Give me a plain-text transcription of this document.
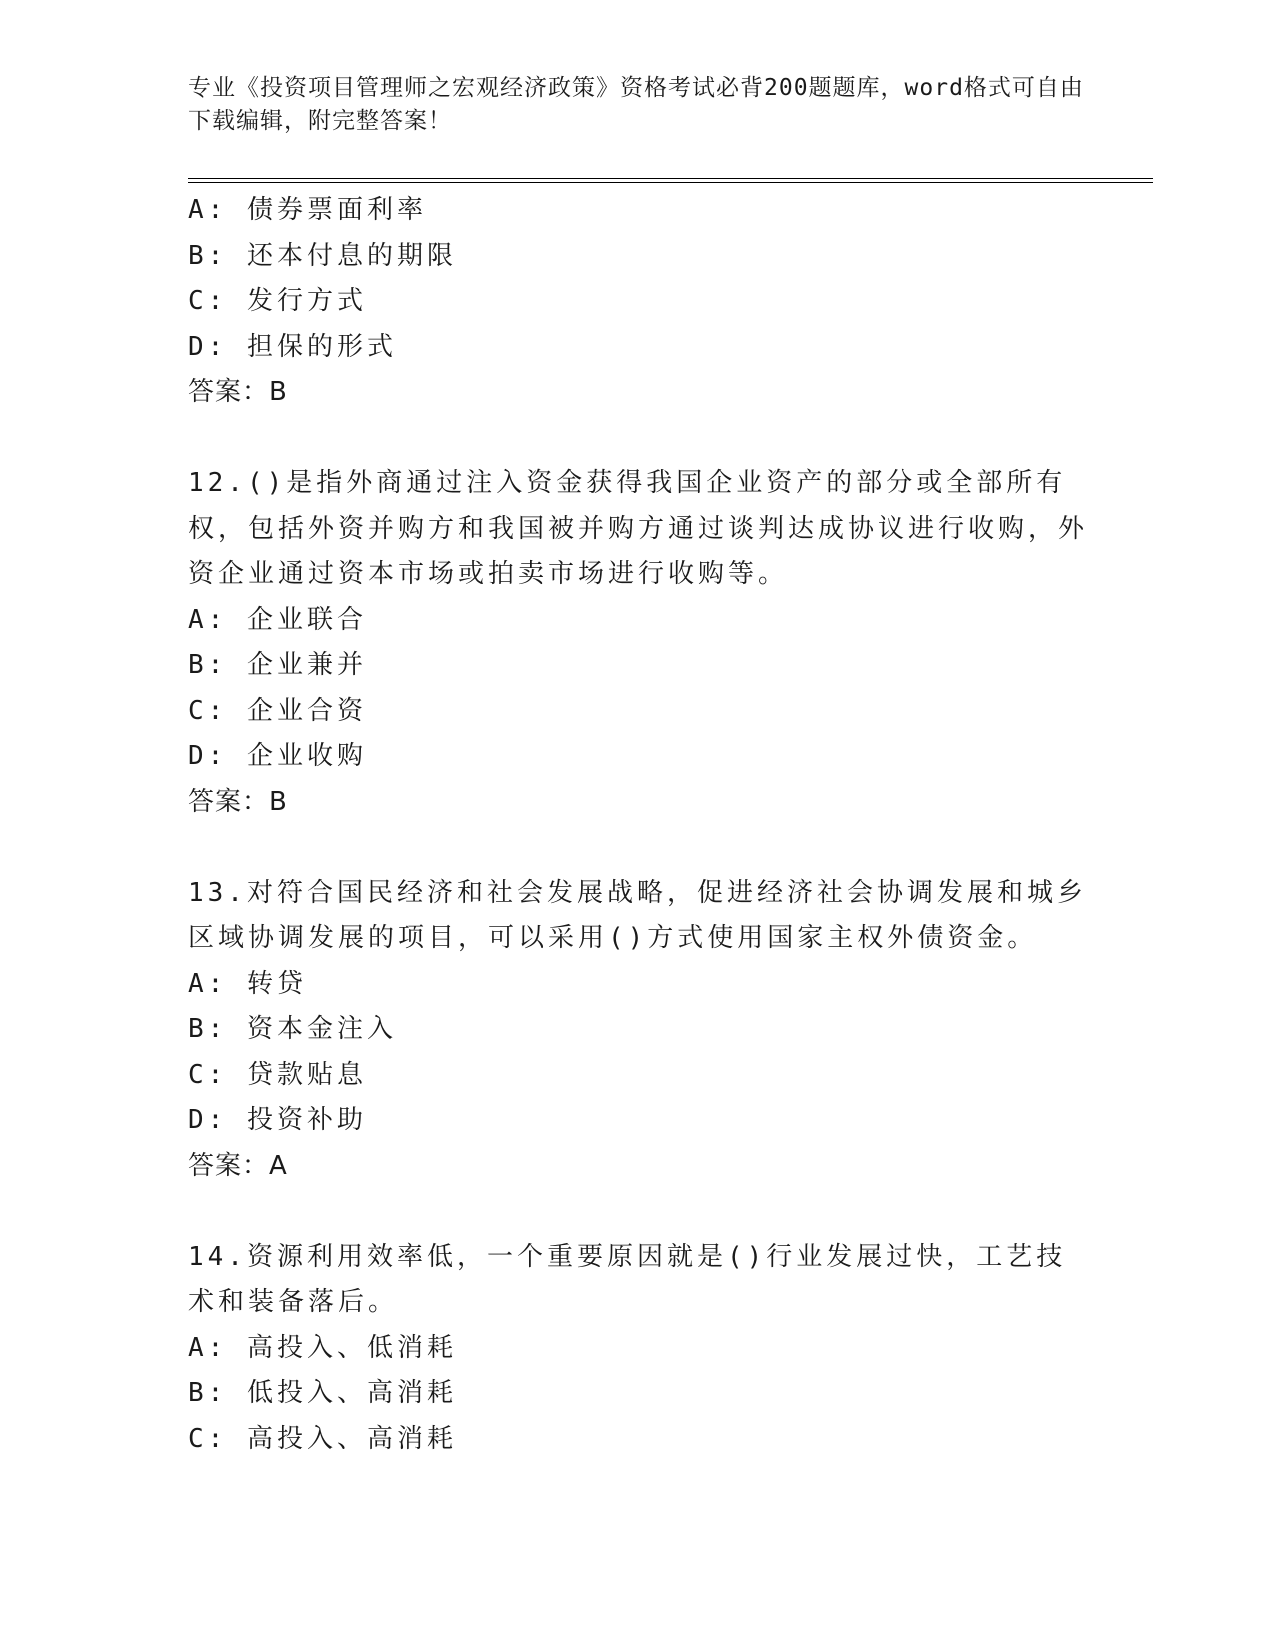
专业《投资项目管理师之宏观经济政策》资格考试必背200题题库，word格式可自由下载编辑，附完整答案！
A: 债券票面利率
B: 还本付息的期限
C: 发行方式
D: 担保的形式
答案：B
12.()是指外商通过注入资金获得我国企业资产的部分或全部所有权，包括外资并购方和我国被并购方通过谈判达成协议进行收购，外资企业通过资本市场或拍卖市场进行收购等。
A: 企业联合
B: 企业兼并
C: 企业合资
D: 企业收购
答案：B
13.对符合国民经济和社会发展战略，促进经济社会协调发展和城乡区域协调发展的项目，可以采用()方式使用国家主权外债资金。
A: 转贷
B: 资本金注入
C: 贷款贴息
D: 投资补助
答案：A
14.资源利用效率低，一个重要原因就是()行业发展过快，工艺技术和装备落后。
A: 高投入、低消耗
B: 低投入、高消耗
C: 高投入、高消耗
